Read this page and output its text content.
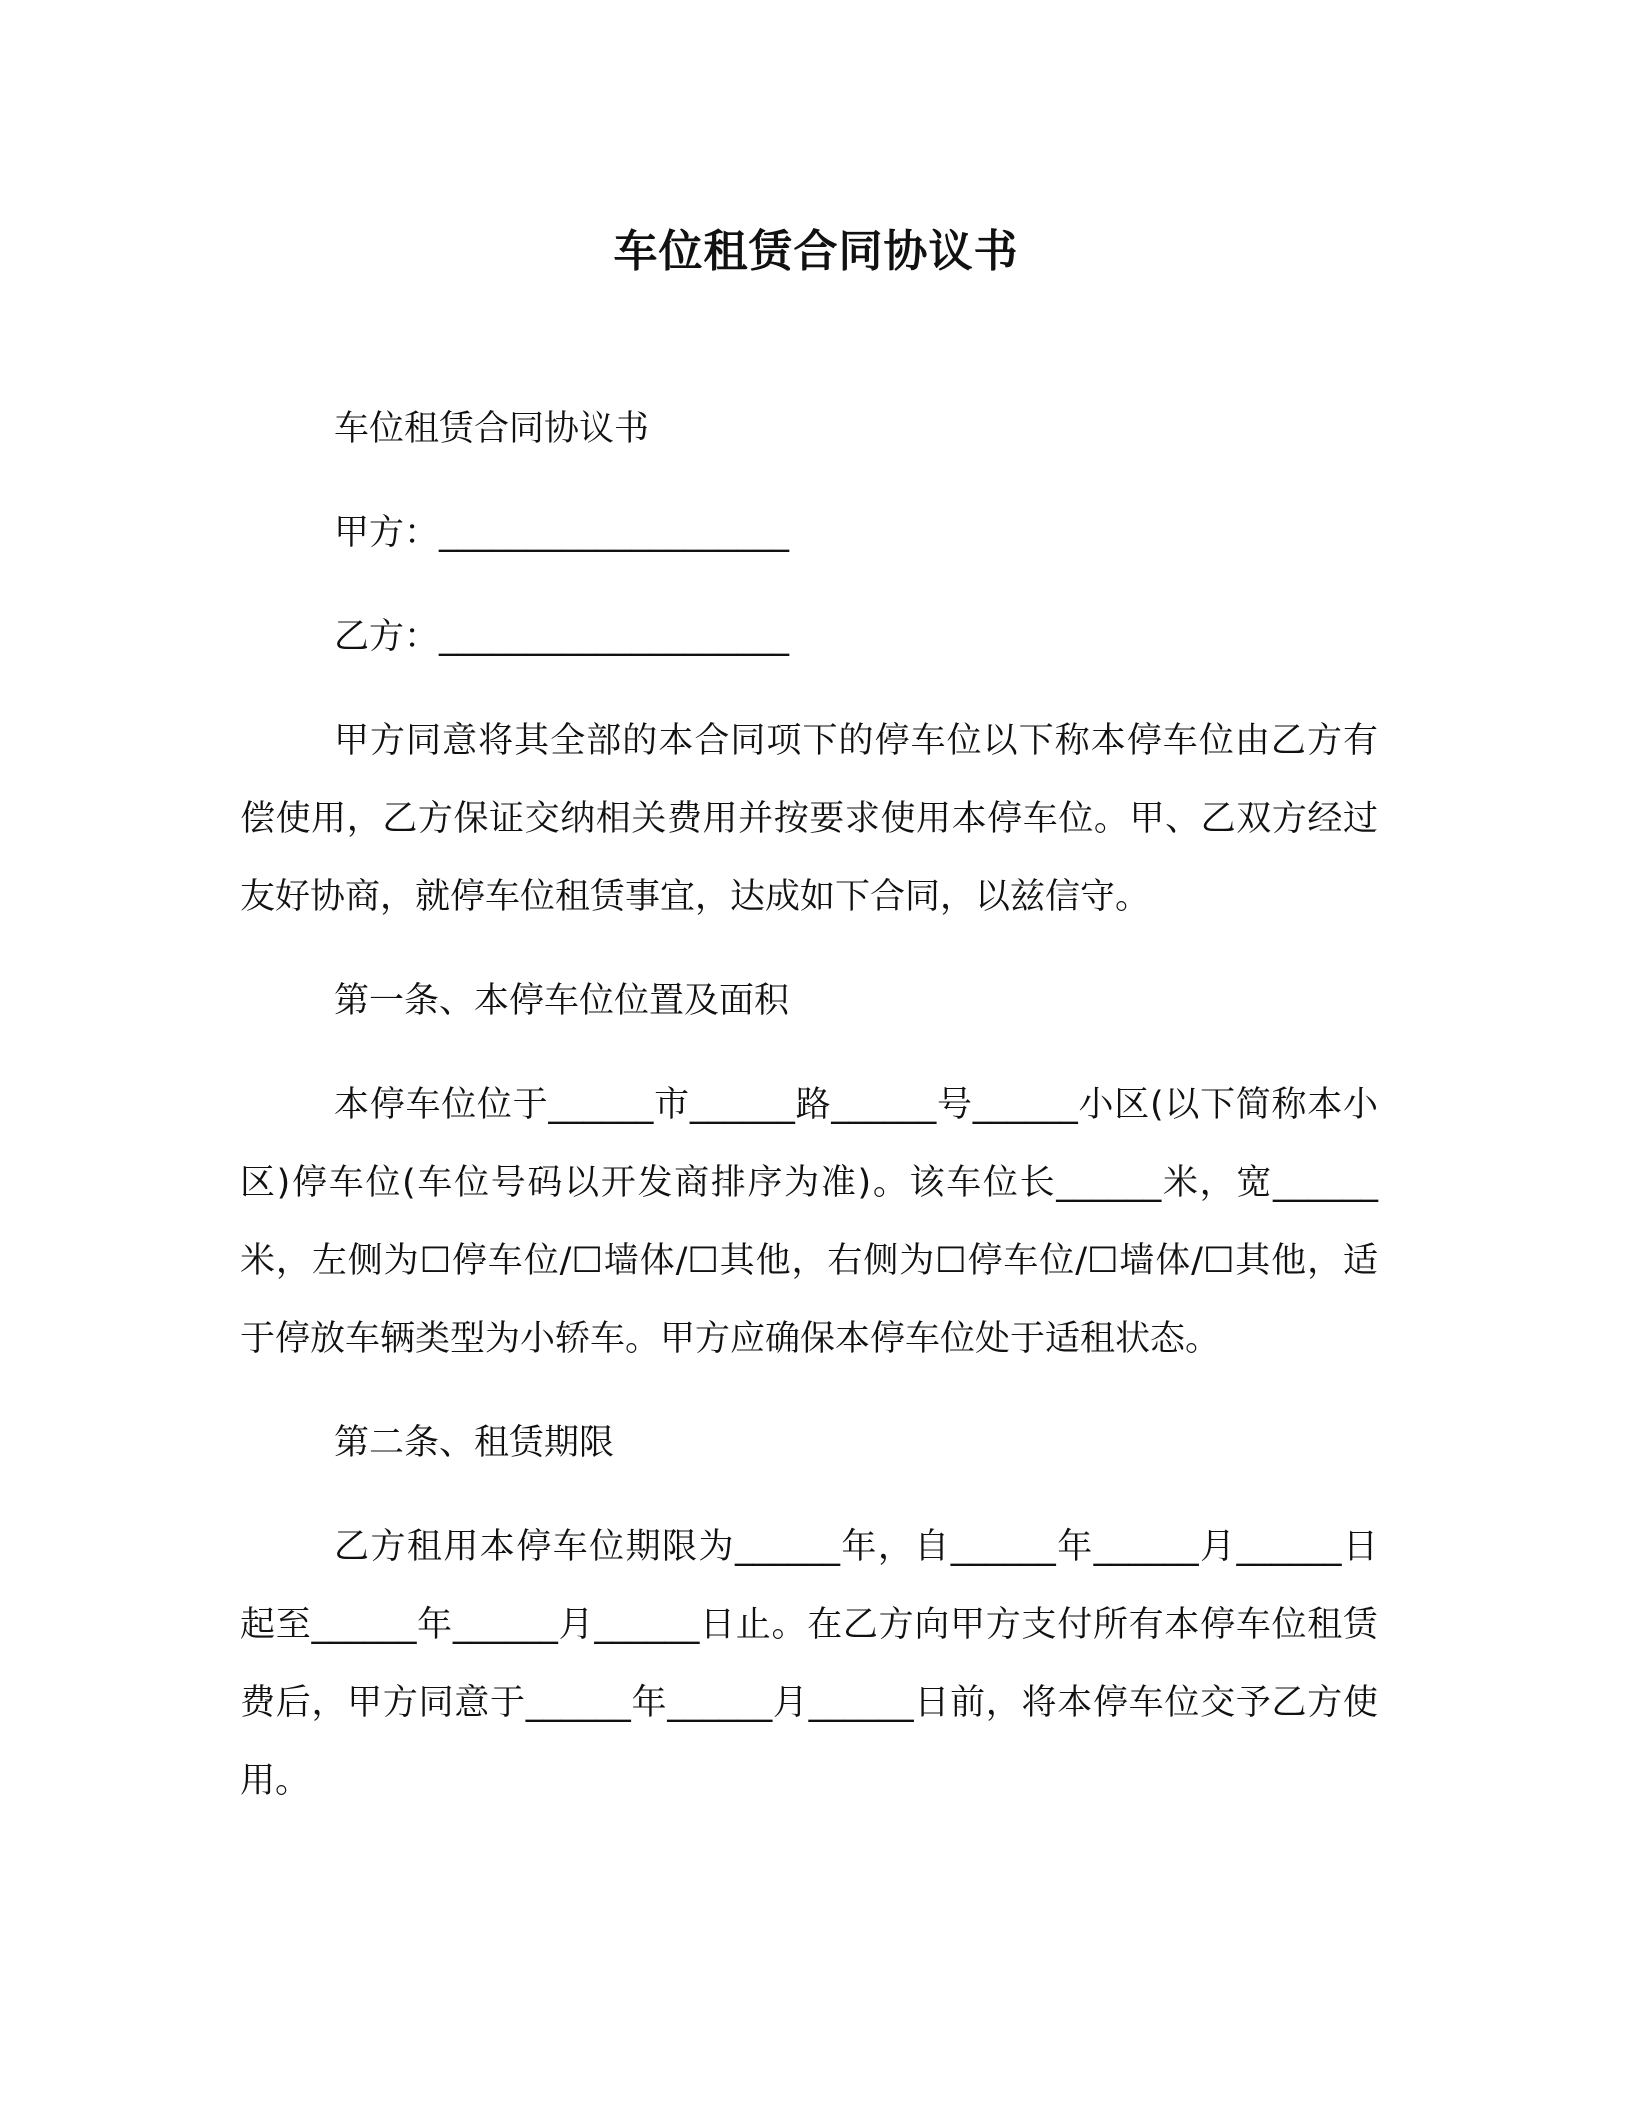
车位租赁合同协议书

车位租赁合同协议书

甲方：____________________

乙方：____________________

甲方同意将其全部的本合同项下的停车位以下称本停车位由乙方有偿使用，乙方保证交纳相关费用并按要求使用本停车位。甲、乙双方经过友好协商，就停车位租赁事宜，达成如下合同，以兹信守。

第一条、本停车位位置及面积

本停车位位于______市______路______号______小区(以下简称本小区)停车位(车位号码以开发商排序为准)。该车位长______米，宽______米，左侧为☐停车位/☐墙体/☐其他，右侧为☐停车位/☐墙体/☐其他，适于停放车辆类型为小轿车。甲方应确保本停车位处于适租状态。

第二条、租赁期限

乙方租用本停车位期限为______年，自______年______月______日起至______年______月______日止。在乙方向甲方支付所有本停车位租赁费后，甲方同意于______年______月______日前，将本停车位交予乙方使用。
